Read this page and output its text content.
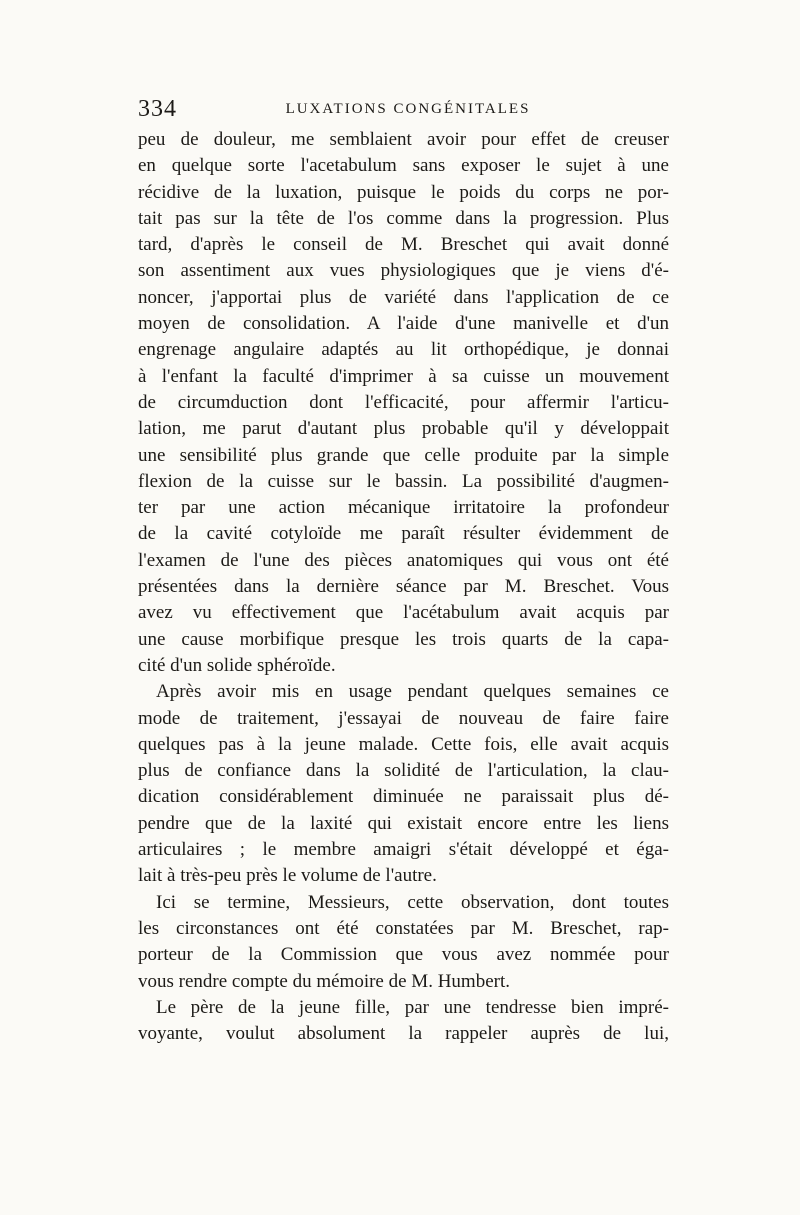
334	LUXATIONS CONGÉNITALES
peu de douleur, me semblaient avoir pour effet de creuser
en quelque sorte l'acetabulum sans exposer le sujet à une
récidive de la luxation, puisque le poids du corps ne por-
tait pas sur la tête de l'os comme dans la progression. Plus
tard, d'après le conseil de M. Breschet qui avait donné
son assentiment aux vues physiologiques que je viens d'é-
noncer, j'apportai plus de variété dans l'application de ce
moyen de consolidation. A l'aide d'une manivelle et d'un
engrenage angulaire adaptés au lit orthopédique, je donnai
à l'enfant la faculté d'imprimer à sa cuisse un mouvement
de circumduction dont l'efficacité, pour affermir l'articu-
lation, me parut d'autant plus probable qu'il y développait
une sensibilité plus grande que celle produite par la simple
flexion de la cuisse sur le bassin. La possibilité d'augmen-
ter par une action mécanique irritatoire la profondeur
de la cavité cotyloïde me paraît résulter évidemment de
l'examen de l'une des pièces anatomiques qui vous ont été
présentées dans la dernière séance par M. Breschet. Vous
avez vu effectivement que l'acétabulum avait acquis par
une cause morbifique presque les trois quarts de la capa-
cité d'un solide sphéroïde.
Après avoir mis en usage pendant quelques semaines ce
mode de traitement, j'essayai de nouveau de faire faire
quelques pas à la jeune malade. Cette fois, elle avait acquis
plus de confiance dans la solidité de l'articulation, la clau-
dication considérablement diminuée ne paraissait plus dé-
pendre que de la laxité qui existait encore entre les liens
articulaires ; le membre amaigri s'était développé et éga-
lait à très-peu près le volume de l'autre.
Ici se termine, Messieurs, cette observation, dont toutes
les circonstances ont été constatées par M. Breschet, rap-
porteur de la Commission que vous avez nommée pour
vous rendre compte du mémoire de M. Humbert.
Le père de la jeune fille, par une tendresse bien impré-
voyante, voulut absolument la rappeler auprès de lui,
